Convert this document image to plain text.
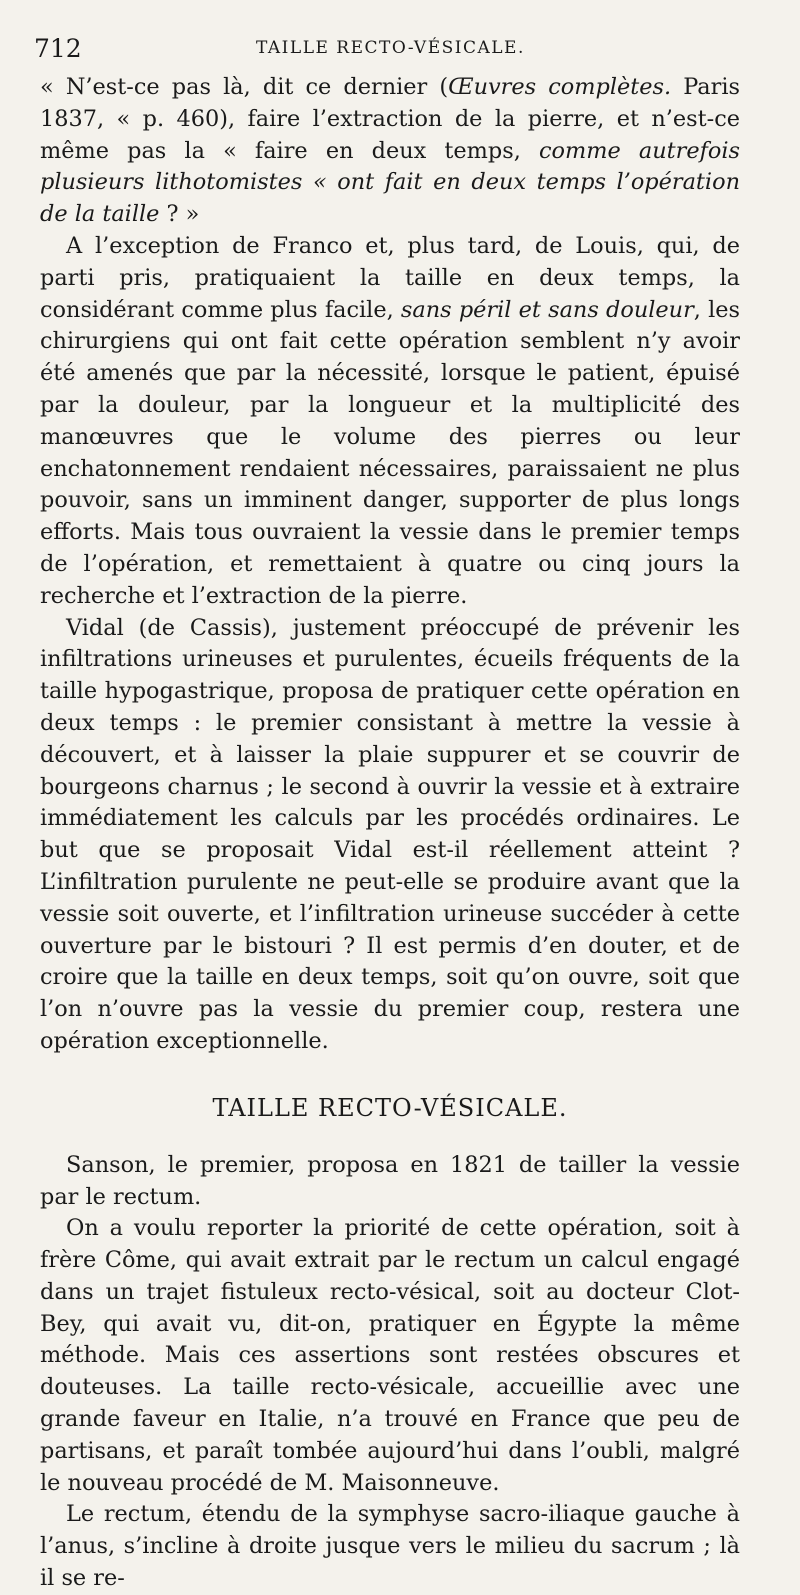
712	TAILLE RECTO-VÉSICALE.

« N’est-ce pas là, dit ce dernier (Œuvres complètes. Paris 1837, « p. 460), faire l’extraction de la pierre, et n’est-ce même pas la « faire en deux temps, comme autrefois plusieurs lithotomistes « ont fait en deux temps l’opération de la taille ? »

A l’exception de Franco et, plus tard, de Louis, qui, de parti pris, pratiquaient la taille en deux temps, la considérant comme plus facile, sans péril et sans douleur, les chirurgiens qui ont fait cette opération semblent n’y avoir été amenés que par la nécessité, lorsque le patient, épuisé par la douleur, par la longueur et la multiplicité des manœuvres que le volume des pierres ou leur enchatonnement rendaient nécessaires, paraissaient ne plus pouvoir, sans un imminent danger, supporter de plus longs efforts. Mais tous ouvraient la vessie dans le premier temps de l’opération, et remettaient à quatre ou cinq jours la recherche et l’extraction de la pierre.

Vidal (de Cassis), justement préoccupé de prévenir les infiltrations urineuses et purulentes, écueils fréquents de la taille hypogastrique, proposa de pratiquer cette opération en deux temps : le premier consistant à mettre la vessie à découvert, et à laisser la plaie suppurer et se couvrir de bourgeons charnus ; le second à ouvrir la vessie et à extraire immédiatement les calculs par les procédés ordinaires. Le but que se proposait Vidal est-il réellement atteint ? L’infiltration purulente ne peut-elle se produire avant que la vessie soit ouverte, et l’infiltration urineuse succéder à cette ouverture par le bistouri ? Il est permis d’en douter, et de croire que la taille en deux temps, soit qu’on ouvre, soit que l’on n’ouvre pas la vessie du premier coup, restera une opération exceptionnelle.

TAILLE RECTO-VÉSICALE.

Sanson, le premier, proposa en 1821 de tailler la vessie par le rectum.

On a voulu reporter la priorité de cette opération, soit à frère Côme, qui avait extrait par le rectum un calcul engagé dans un trajet fistuleux recto-vésical, soit au docteur Clot-Bey, qui avait vu, dit-on, pratiquer en Égypte la même méthode. Mais ces assertions sont restées obscures et douteuses. La taille recto-vésicale, accueillie avec une grande faveur en Italie, n’a trouvé en France que peu de partisans, et paraît tombée aujourd’hui dans l’oubli, malgré le nouveau procédé de M. Maisonneuve.

Le rectum, étendu de la symphyse sacro-iliaque gauche à l’anus, s’incline à droite jusque vers le milieu du sacrum ; là il se re-
